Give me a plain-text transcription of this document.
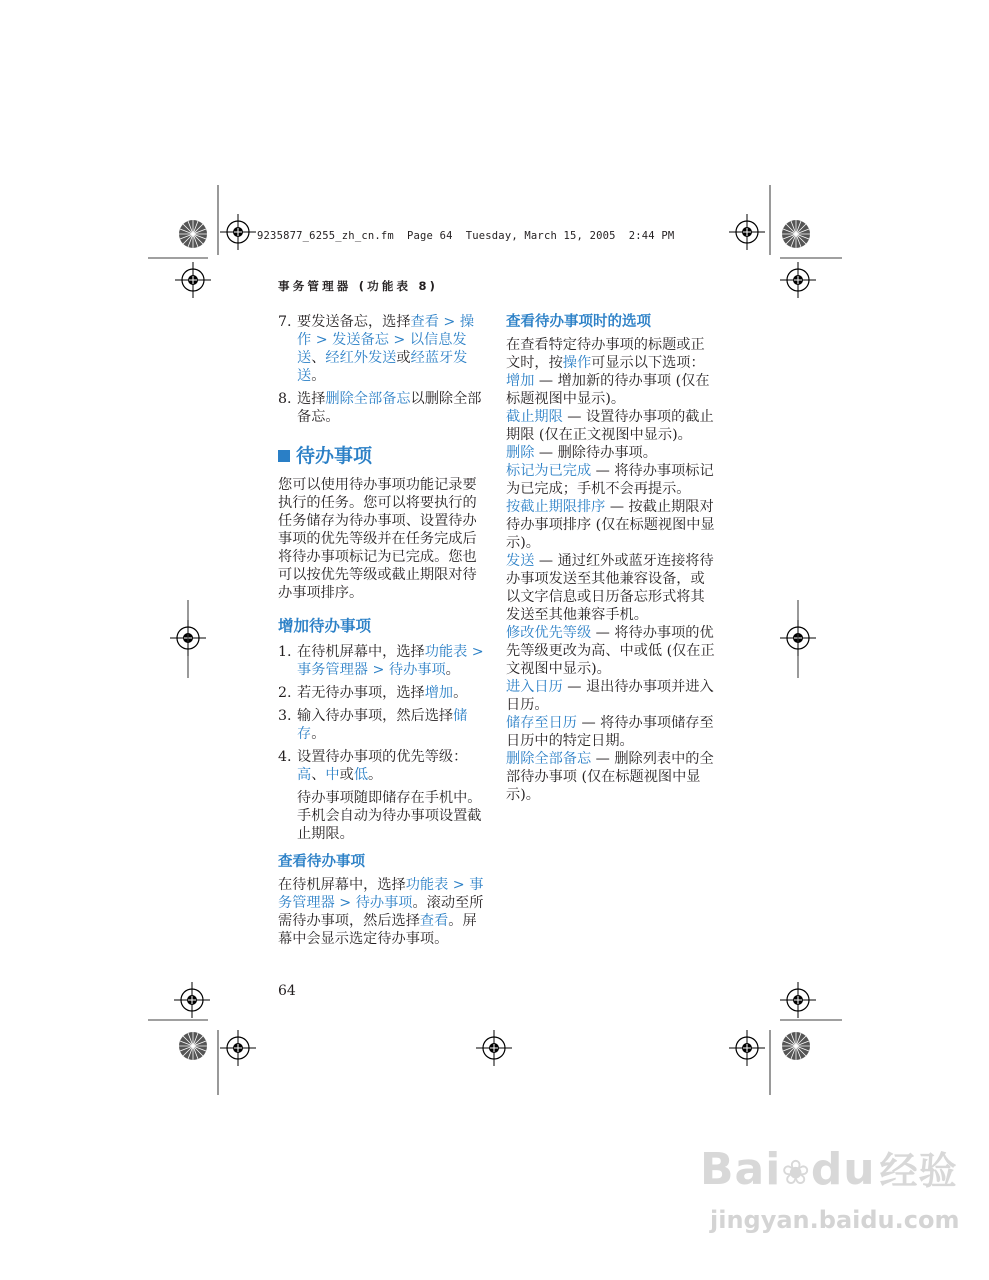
9235877_6255_zh_cn.fm  Page 64  Tuesday, March 15, 2005  2:44 PM
事务管理器 (功能表 8)
7. 要发送备忘，选择查看 > 操作 > 发送备忘 > 以信息发送、经红外发送或经蓝牙发送。
8. 选择删除全部备忘以删除全部备忘。
待办事项

您可以使用待办事项功能记录要执行的任务。您可以将要执行的任务储存为待办事项、设置待办事项的优先等级并在任务完成后将待办事项标记为已完成。您也可以按优先等级或截止期限对待办事项排序。

增加待办事项
1. 在待机屏幕中，选择功能表 > 事务管理器 > 待办事项。
2. 若无待办事项，选择增加。
3. 输入待办事项，然后选择储存。
4. 设置待办事项的优先等级：高、中或低。

待办事项随即储存在手机中。手机会自动为待办事项设置截止期限。

查看待办事项

在待机屏幕中，选择功能表 > 事务管理器 > 待办事项。滚动至所需待办事项，然后选择查看。屏幕中会显示选定待办事项。

查看待办事项时的选项

在查看特定待办事项的标题或正文时，按操作可显示以下选项：

增加 — 增加新的待办事项 (仅在标题视图中显示)。

截止期限 — 设置待办事项的截止期限 (仅在正文视图中显示)。

删除 — 删除待办事项。

标记为已完成 — 将待办事项标记为已完成；手机不会再提示。

按截止期限排序 — 按截止期限对待办事项排序 (仅在标题视图中显示)。

发送 — 通过红外或蓝牙连接将待办事项发送至其他兼容设备，或以文字信息或日历备忘形式将其发送至其他兼容手机。

修改优先等级 — 将待办事项的优先等级更改为高、中或低 (仅在正文视图中显示)。

进入日历 — 退出待办事项并进入日历。

储存至日历 — 将待办事项储存至日历中的特定日期。

删除全部备忘 — 删除列表中的全部待办事项 (仅在标题视图中显示)。

64
Bai❀du 经验
jingyan.baidu.com
